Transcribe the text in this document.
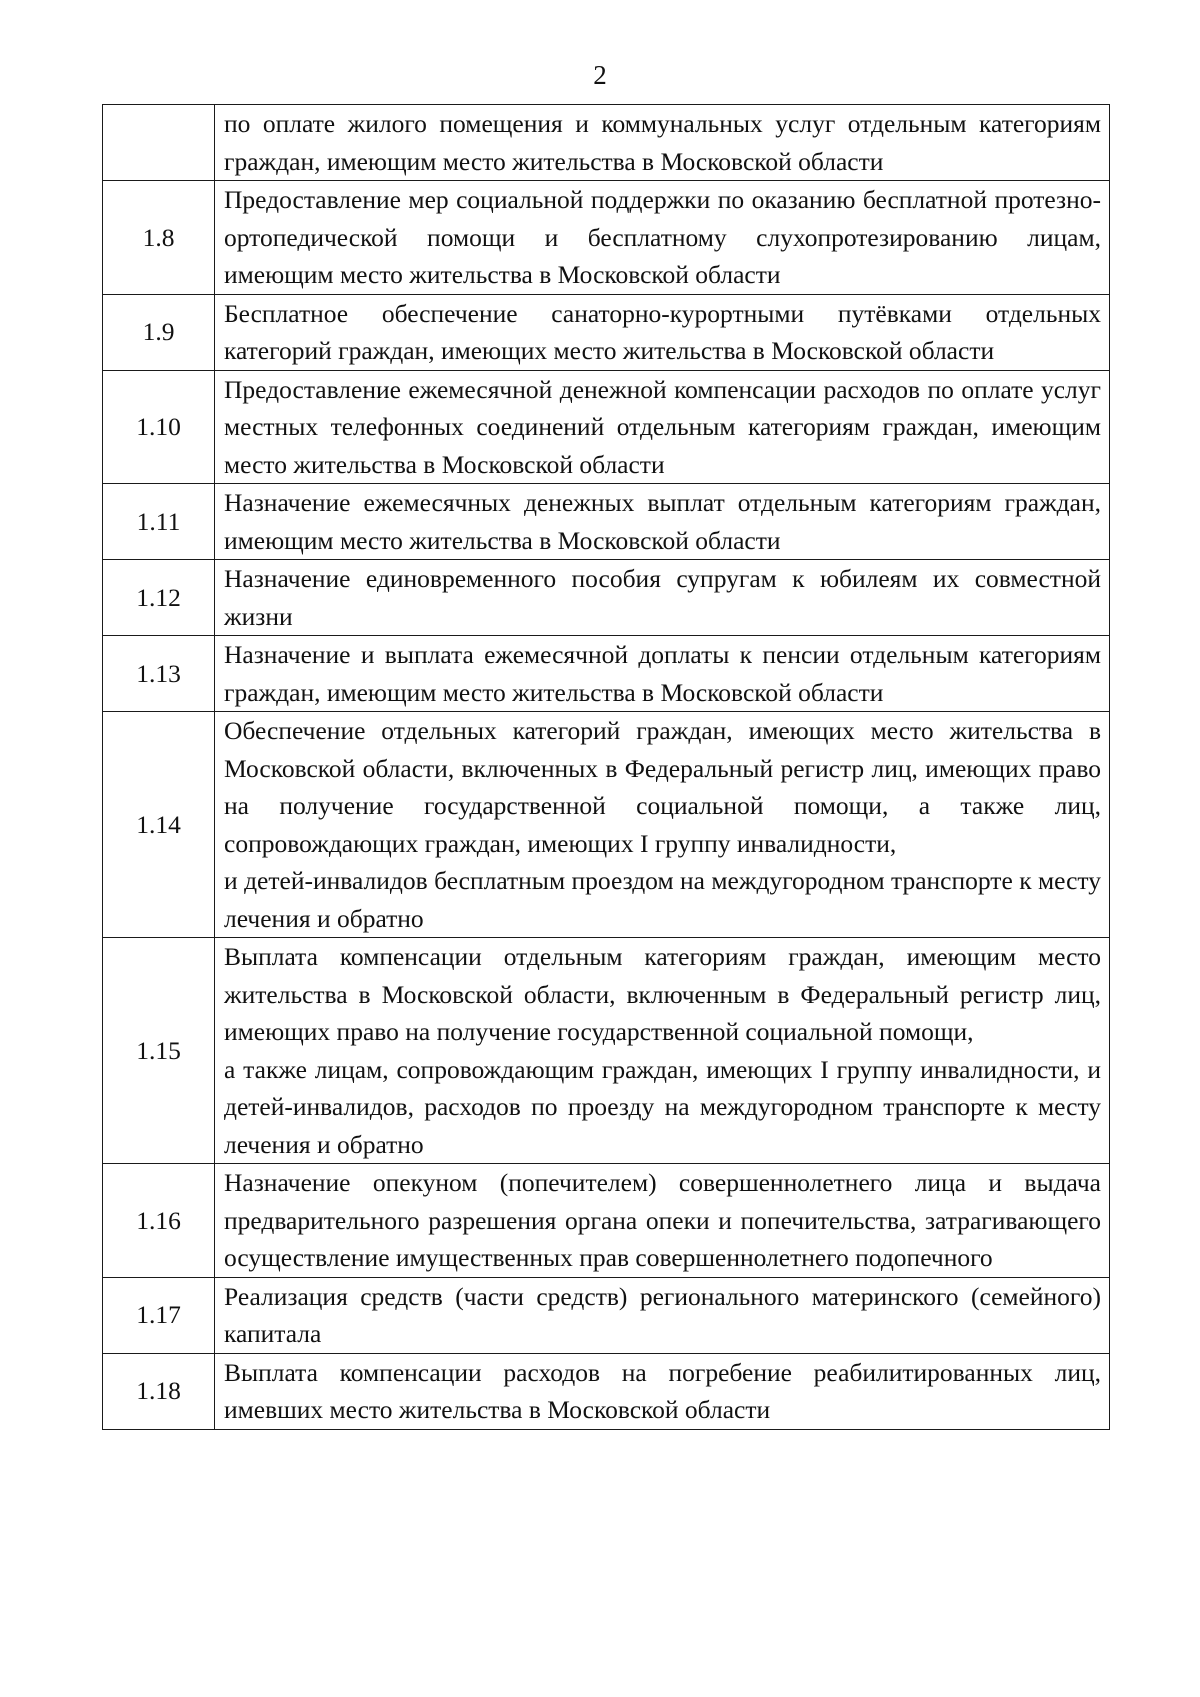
2

	по оплате жилого помещения и коммунальных услуг отдельным категориям граждан, имеющим место жительства в Московской области

1.8	Предоставление мер социальной поддержки по оказанию бесплатной протезно-ортопедической помощи и бесплатному слухопротезированию лицам, имеющим место жительства в Московской области

1.9	Бесплатное обеспечение санаторно-курортными путёвками отдельных категорий граждан, имеющих место жительства в Московской области

1.10	Предоставление ежемесячной денежной компенсации расходов по оплате услуг местных телефонных соединений отдельным категориям граждан, имеющим место жительства в Московской области

1.11	Назначение ежемесячных денежных выплат отдельным категориям граждан, имеющим место жительства в Московской области

1.12	Назначение единовременного пособия супругам к юбилеям их совместной жизни

1.13	Назначение и выплата ежемесячной доплаты к пенсии отдельным категориям граждан, имеющим место жительства в Московской области

1.14	Обеспечение отдельных категорий граждан, имеющих место жительства в Московской области, включенных в Федеральный регистр лиц, имеющих право на получение государственной социальной помощи, а также лиц, сопровождающих граждан, имеющих I группу инвалидности,
и детей-инвалидов бесплатным проездом на междугородном транспорте к месту лечения и обратно

1.15	Выплата компенсации отдельным категориям граждан, имеющим место жительства в Московской области, включенным в Федеральный регистр лиц, имеющих право на получение государственной социальной помощи,
а также лицам, сопровождающим граждан, имеющих I группу инвалидности, и детей-инвалидов, расходов по проезду на междугородном транспорте к месту лечения и обратно

1.16	Назначение опекуном (попечителем) совершеннолетнего лица и выдача предварительного разрешения органа опеки и попечительства, затрагивающего осуществление имущественных прав совершеннолетнего подопечного

1.17	Реализация средств (части средств) регионального материнского (семейного) капитала

1.18	Выплата компенсации расходов на погребение реабилитированных лиц, имевших место жительства в Московской области
